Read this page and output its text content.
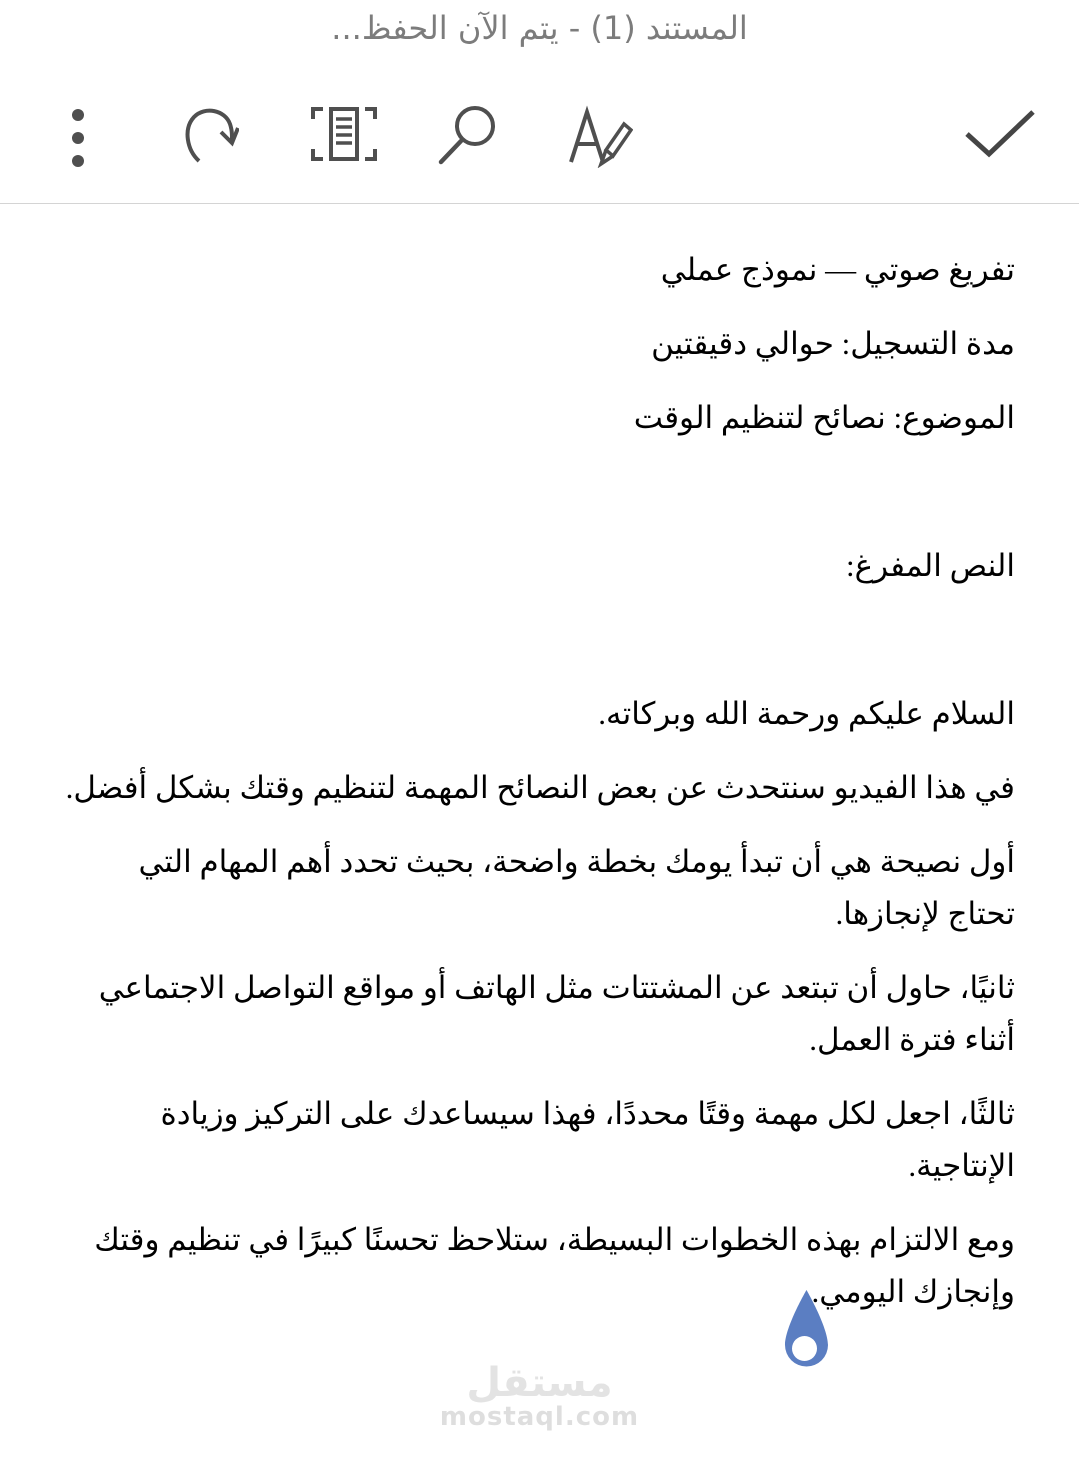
المستند (1) - يتم الآن الحفظ...

تفريغ صوتي — نموذج عملي

مدة التسجيل: حوالي دقيقتين

الموضوع: نصائح لتنظيم الوقت

النص المفرغ:

السلام عليكم ورحمة الله وبركاته.

في هذا الفيديو سنتحدث عن بعض النصائح المهمة لتنظيم وقتك بشكل أفضل.

أول نصيحة هي أن تبدأ يومك بخطة واضحة، بحيث تحدد أهم المهام التي تحتاج لإنجازها.

ثانيًا، حاول أن تبتعد عن المشتتات مثل الهاتف أو مواقع التواصل الاجتماعي أثناء فترة العمل.

ثالثًا، اجعل لكل مهمة وقتًا محددًا، فهذا سيساعدك على التركيز وزيادة الإنتاجية.

ومع الالتزام بهذه الخطوات البسيطة، ستلاحظ تحسنًا كبيرًا في تنظيم وقتك وإنجازك اليومي.

مستقل
mostaql.com
